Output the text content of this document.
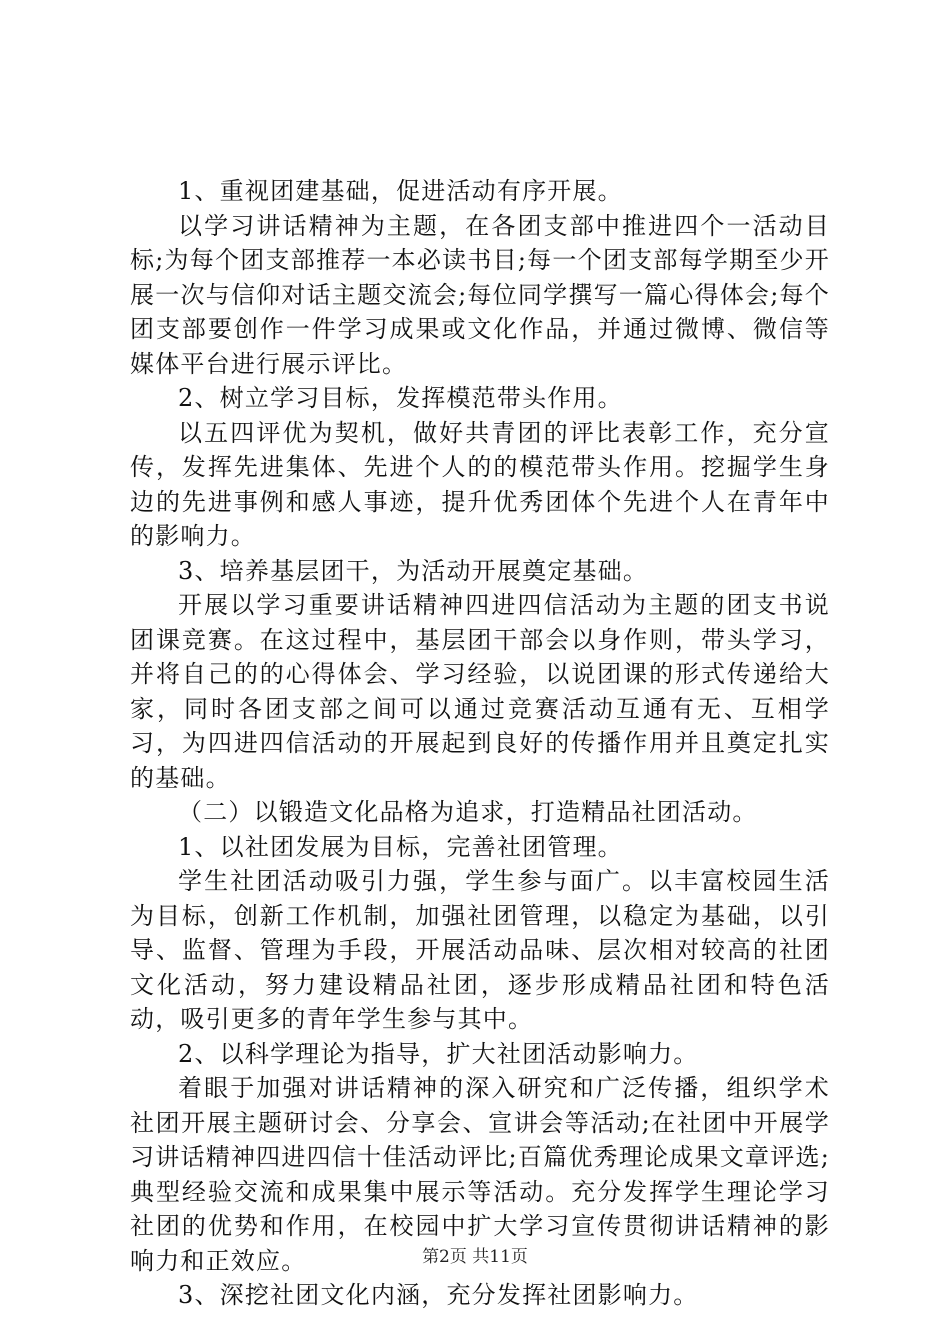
1、重视团建基础，促进活动有序开展。

以学习讲话精神为主题，在各团支部中推进四个一活动目标;为每个团支部推荐一本必读书目;每一个团支部每学期至少开展一次与信仰对话主题交流会;每位同学撰写一篇心得体会;每个团支部要创作一件学习成果或文化作品，并通过微博、微信等媒体平台进行展示评比。

2、树立学习目标，发挥模范带头作用。

以五四评优为契机，做好共青团的评比表彰工作，充分宣传，发挥先进集体、先进个人的的模范带头作用。挖掘学生身边的先进事例和感人事迹，提升优秀团体个先进个人在青年中的影响力。

3、培养基层团干，为活动开展奠定基础。

开展以学习重要讲话精神四进四信活动为主题的团支书说团课竞赛。在这过程中，基层团干部会以身作则，带头学习，并将自己的的心得体会、学习经验，以说团课的形式传递给大家，同时各团支部之间可以通过竞赛活动互通有无、互相学习，为四进四信活动的开展起到良好的传播作用并且奠定扎实的基础。

（二）以锻造文化品格为追求，打造精品社团活动。

1、以社团发展为目标，完善社团管理。

学生社团活动吸引力强，学生参与面广。以丰富校园生活为目标，创新工作机制，加强社团管理，以稳定为基础，以引导、监督、管理为手段，开展活动品味、层次相对较高的社团文化活动，努力建设精品社团，逐步形成精品社团和特色活动，吸引更多的青年学生参与其中。

2、以科学理论为指导，扩大社团活动影响力。

着眼于加强对讲话精神的深入研究和广泛传播，组织学术社团开展主题研讨会、分享会、宣讲会等活动;在社团中开展学习讲话精神四进四信十佳活动评比;百篇优秀理论成果文章评选;典型经验交流和成果集中展示等活动。充分发挥学生理论学习社团的优势和作用，在校园中扩大学习宣传贯彻讲话精神的影响力和正效应。

3、深挖社团文化内涵，充分发挥社团影响力。

第2页 共11页
